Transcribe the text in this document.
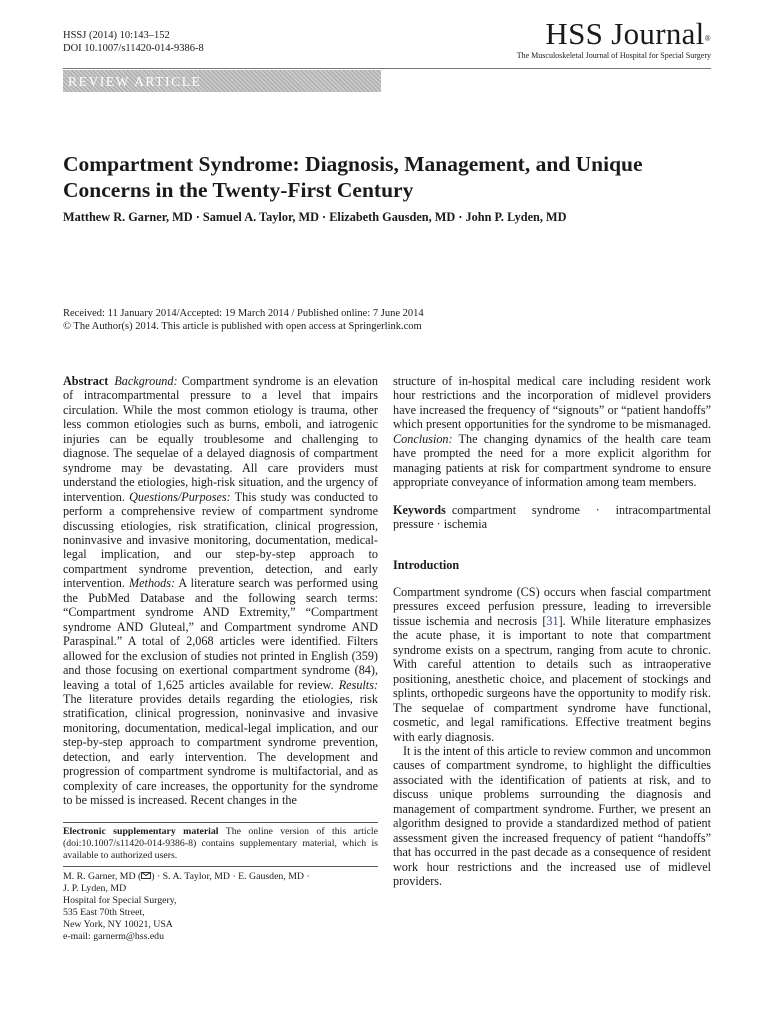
HSSJ (2014) 10:143–152
DOI 10.1007/s11420-014-9386-8	HSS Journal®
The Musculoskeletal Journal of Hospital for Special Surgery
REVIEW ARTICLE
Compartment Syndrome: Diagnosis, Management, and Unique Concerns in the Twenty-First Century
Matthew R. Garner, MD · Samuel A. Taylor, MD · Elizabeth Gausden, MD · John P. Lyden, MD
Received: 11 January 2014/Accepted: 19 March 2014 / Published online: 7 June 2014
© The Author(s) 2014. This article is published with open access at Springerlink.com

Abstract Background: Compartment syndrome is an elevation of intracompartmental pressure to a level that impairs circulation. While the most common etiology is trauma, other less common etiologies such as burns, emboli, and iatrogenic injuries can be equally troublesome and challenging to diagnose. The sequelae of a delayed diagnosis of compartment syndrome may be devastating. All care providers must understand the etiologies, high-risk situation, and the urgency of intervention. Questions/Purposes: This study was conducted to perform a comprehensive review of compartment syndrome discussing etiologies, risk stratification, clinical progression, noninvasive and invasive monitoring, documentation, medical-legal implication, and our step-by-step approach to compartment syndrome prevention, detection, and early intervention. Methods: A literature search was performed using the PubMed Database and the following search terms: “Compartment syndrome AND Extremity,” “Compartment syndrome AND Gluteal,” and Compartment syndrome AND Paraspinal.” A total of 2,068 articles were identified. Filters allowed for the exclusion of studies not printed in English (359) and those focusing on exertional compartment syndrome (84), leaving a total of 1,625 articles available for review. Results: The literature provides details regarding the etiologies, risk stratification, clinical progression, noninvasive and invasive monitoring, documentation, medical-legal implication, and our step-by-step approach to compartment syndrome prevention, detection, and early intervention. The development and progression of compartment syndrome is multifactorial, and as complexity of care increases, the opportunity for the syndrome to be missed is increased. Recent changes in the

structure of in-hospital medical care including resident work hour restrictions and the incorporation of midlevel providers have increased the frequency of “signouts” or “patient handoffs” which present opportunities for the syndrome to be mismanaged. Conclusion: The changing dynamics of the health care team have prompted the need for a more explicit algorithm for managing patients at risk for compartment syndrome to ensure appropriate conveyance of information among team members.

Keywords compartment syndrome · intracompartmental pressure · ischemia

Introduction

Compartment syndrome (CS) occurs when fascial compartment pressures exceed perfusion pressure, leading to irreversible tissue ischemia and necrosis [31]. While literature emphasizes the acute phase, it is important to note that compartment syndrome exists on a spectrum, ranging from acute to chronic. With careful attention to details such as intraoperative positioning, anesthetic choice, and placement of stockings and splints, orthopedic surgeons have the opportunity to modify risk. The sequelae of compartment syndrome have functional, cosmetic, and legal ramifications. Effective treatment begins with early diagnosis.

It is the intent of this article to review common and uncommon causes of compartment syndrome, to highlight the difficulties associated with the identification of patients at risk, and to discuss unique problems surrounding the diagnosis and management of compartment syndrome. Further, we present an algorithm designed to provide a standardized method of patient assessment given the increased frequency of patient “handoffs” that has occurred in the past decade as a consequence of resident work hour restrictions and the increased use of midlevel providers.

Electronic supplementary material The online version of this article (doi:10.1007/s11420-014-9386-8) contains supplementary material, which is available to authorized users.
M. R. Garner, MD ( ) · S. A. Taylor, MD · E. Gausden, MD ·
J. P. Lyden, MD
Hospital for Special Surgery,
535 East 70th Street,
New York, NY 10021, USA
e-mail: garnerm@hss.edu
